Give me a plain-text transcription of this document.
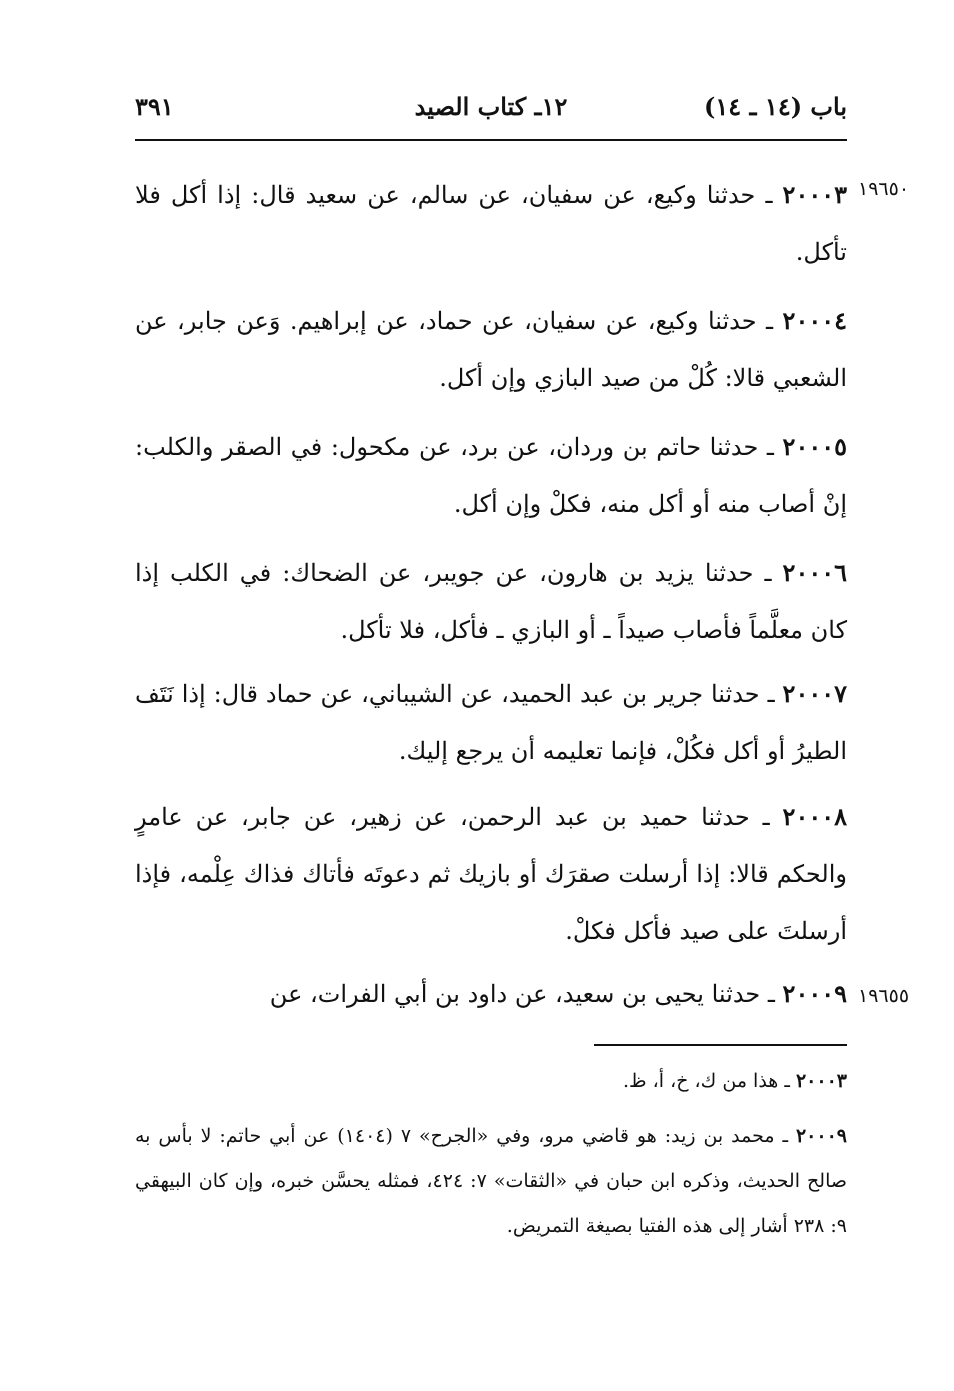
باب (١٤ ـ ١٤)
١٢ـ كتاب الصيد
٣٩١
١٩٦٥٠
١٩٦٥٥

٢٠٠٠٣ ـ حدثنا وكيع، عن سفيان، عن سالم، عن سعيد قال: إذا أكل فلا تأكل.

٢٠٠٠٤ ـ حدثنا وكيع، عن سفيان، عن حماد، عن إبراهيم. وَعن جابر، عن الشعبي قالا: كُلْ من صيد البازي وإن أكل.

٢٠٠٠٥ ـ حدثنا حاتم بن وردان، عن برد، عن مكحول: في الصقر والكلب: إنْ أصاب منه أو أكل منه، فكلْ وإن أكل.

٢٠٠٠٦ ـ حدثنا يزيد بن هارون، عن جويبر، عن الضحاك: في الكلب إذا كان معلَّماً فأصاب صيداً ـ أو البازي ـ فأكل، فلا تأكل.

٢٠٠٠٧ ـ حدثنا جرير بن عبد الحميد، عن الشيباني، عن حماد قال: إذا نَتَف الطيرُ أو أكل فكُلْ، فإنما تعليمه أن يرجع إليك.

٢٠٠٠٨ ـ حدثنا حميد بن عبد الرحمن، عن زهير، عن جابر، عن عامرٍ والحكم قالا: إذا أرسلت صقرَك أو بازيك ثم دعوتَه فأتاك فذاك عِلْمه، فإذا أرسلتَ على صيد فأكل فكلْ.

٢٠٠٠٩ ـ حدثنا يحيى بن سعيد، عن داود بن أبي الفرات، عن

٢٠٠٠٣ ـ هذا من ك، خ، أ، ظ.

٢٠٠٠٩ ـ محمد بن زيد: هو قاضي مرو، وفي «الجرح» ٧ (١٤٠٤) عن أبي حاتم: لا بأس به صالح الحديث، وذكره ابن حبان في «الثقات» ٧: ٤٢٤، فمثله يحسَّن خبره، وإن كان البيهقي ٩: ٢٣٨ أشار إلى هذه الفتيا بصيغة التمريض.
